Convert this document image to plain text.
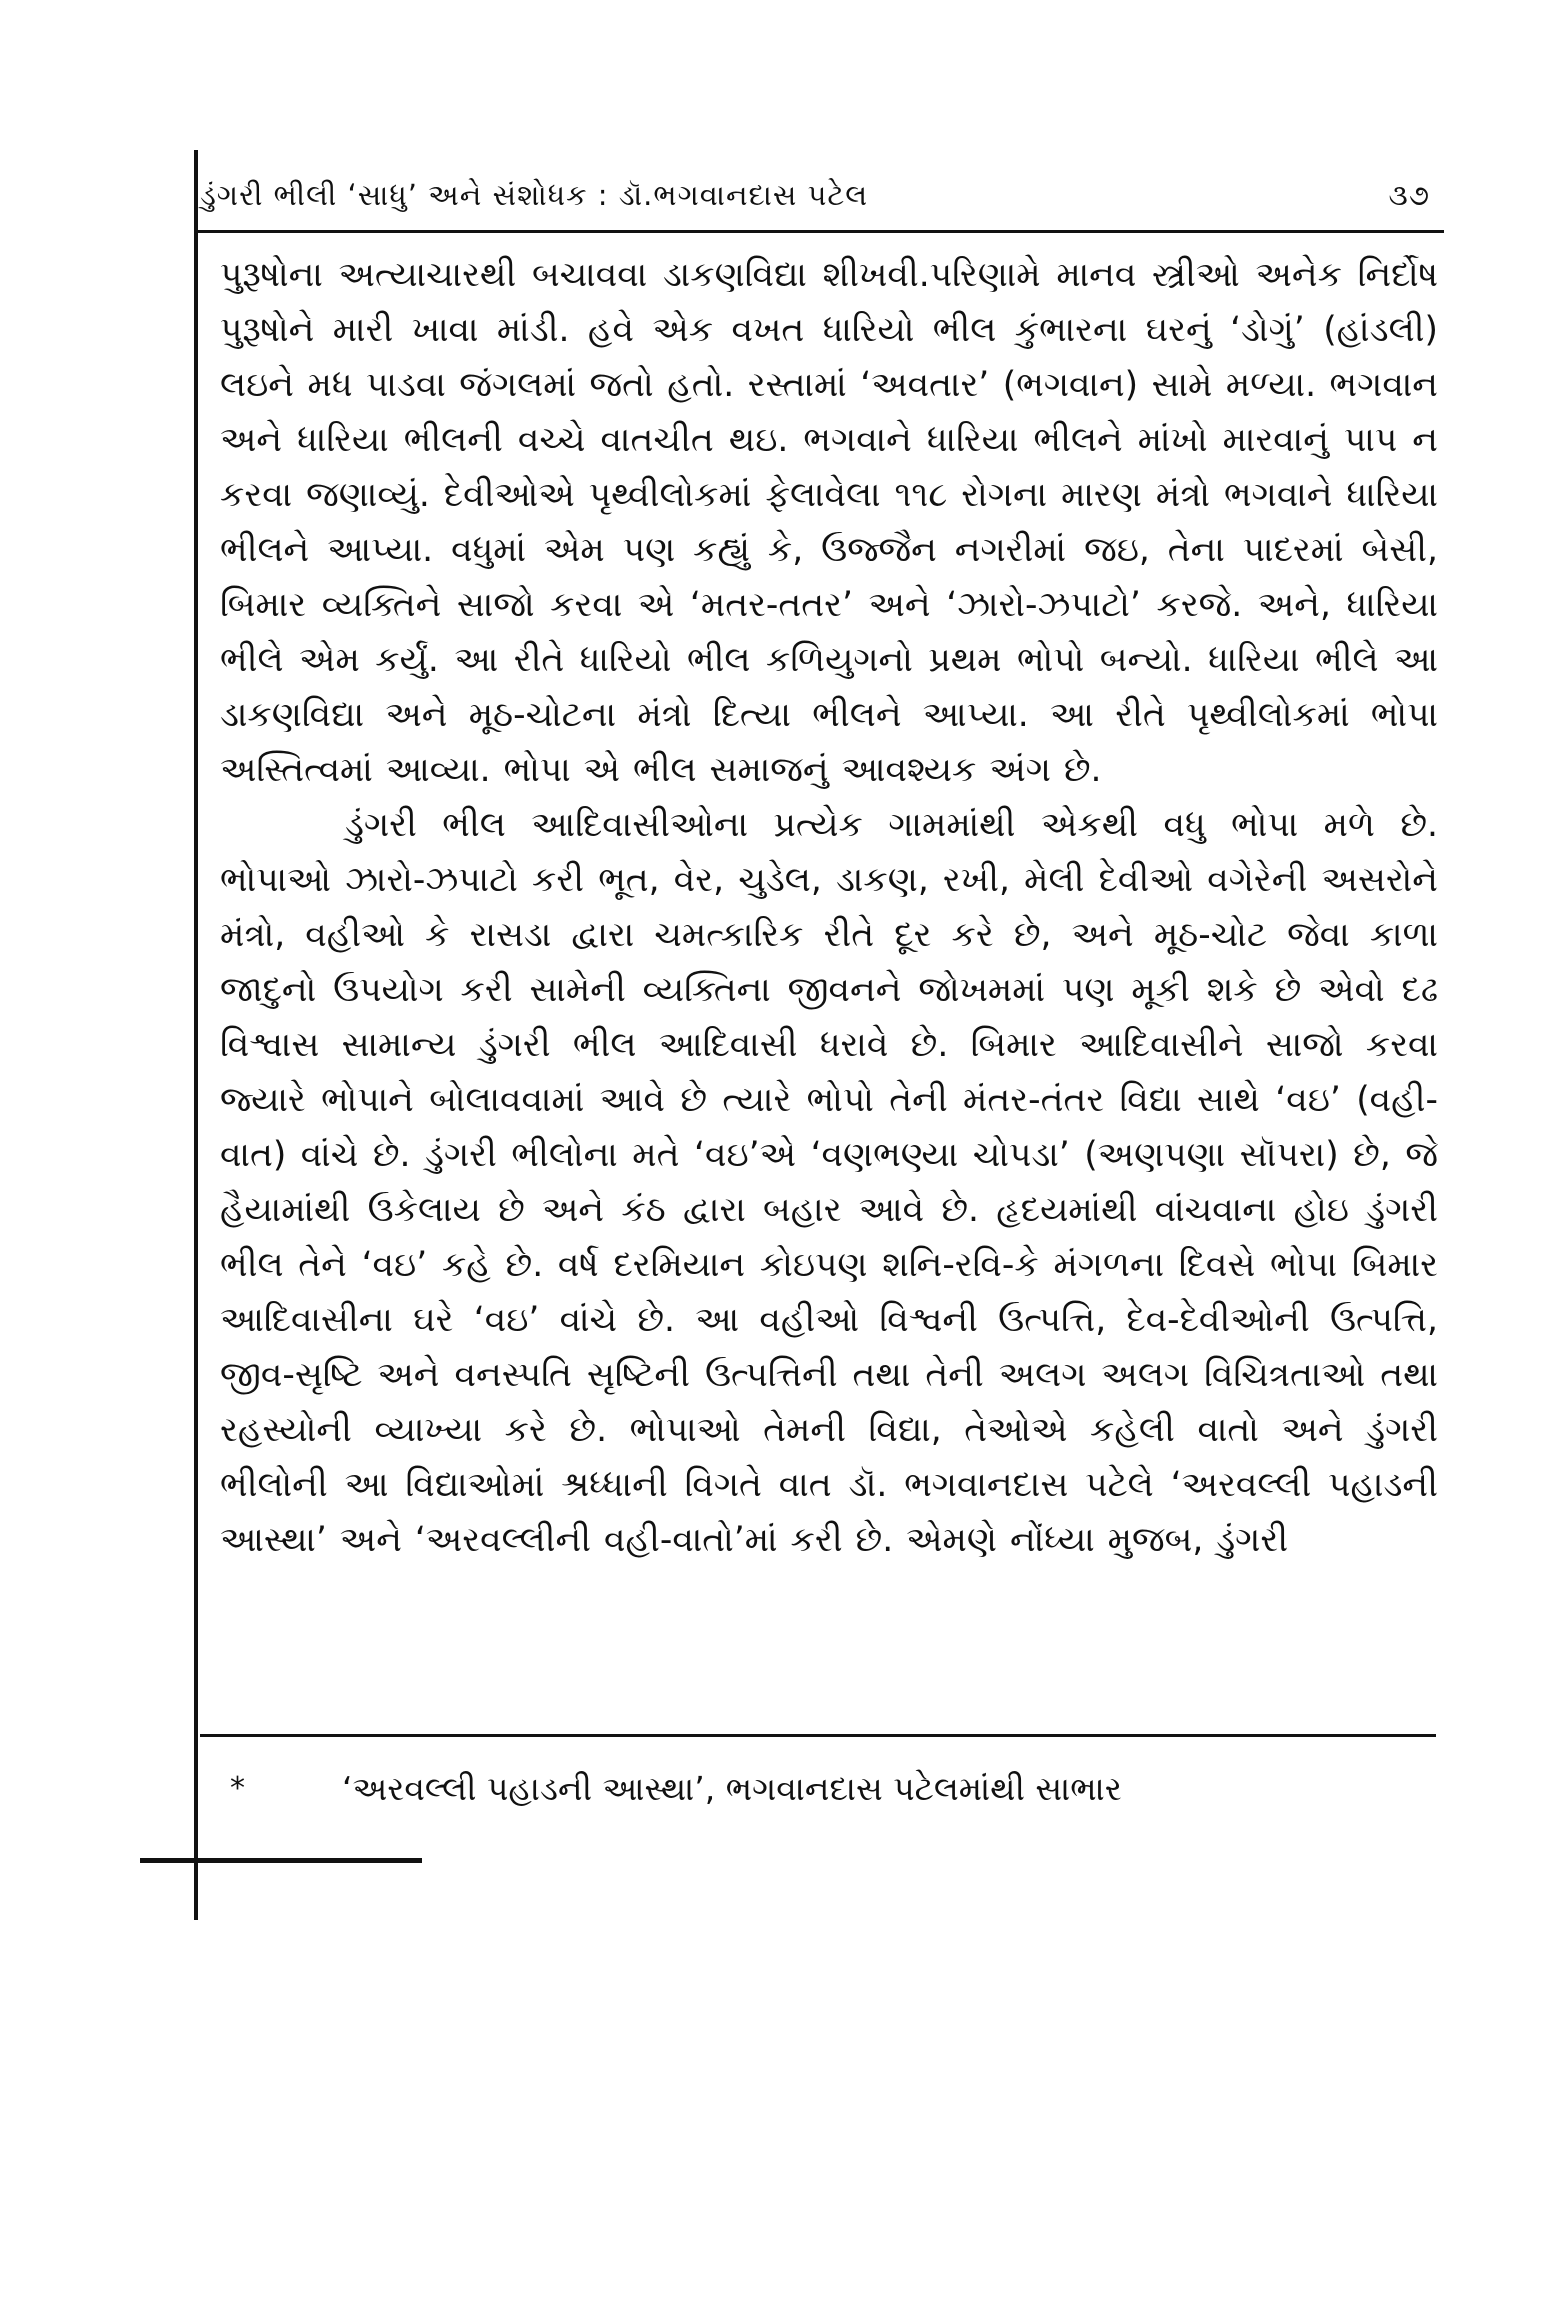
ડુંગરી ભીલી ‘સાધુ’ અને સંશોધક : ડૉ.ભગવાનદાસ પટેલ	૩૭

પુરૂષોના અત્યાચારથી બચાવવા ડાકણવિદ્યા શીખવી.પરિણામે માનવ સ્ત્રીઓ અનેક નિર્દોષ પુરૂષોને મારી ખાવા માંડી. હવે એક વખત ધારિયો ભીલ કુંભારના ઘરનું ‘ડોગું’ (હાંડલી) લઇને મધ પાડવા જંગલમાં જતો હતો. રસ્તામાં ‘અવતાર’ (ભગવાન) સામે મળ્યા. ભગવાન અને ધારિયા ભીલની વચ્ચે વાતચીત થઇ. ભગવાને ધારિયા ભીલને માંખો મારવાનું પાપ ન કરવા જણાવ્યું. દેવીઓએ પૃથ્વીલોકમાં ફેલાવેલા ૧૧૮ રોગના મારણ મંત્રો ભગવાને ધારિયા ભીલને આપ્યા. વધુમાં એમ પણ કહ્યું કે, ઉજ્જૈન નગરીમાં જઇ, તેના પાદરમાં બેસી, બિમાર વ્યક્તિને સાજો કરવા એ ‘મતર-તતર’ અને ‘ઝારો-ઝપાટો’ કરજે. અને, ધારિયા ભીલે એમ કર્યું. આ રીતે ધારિયો ભીલ કળિયુગનો પ્રથમ ભોપો બન્યો. ધારિયા ભીલે આ ડાકણવિદ્યા અને મૂઠ-ચોટના મંત્રો દિત્યા ભીલને આપ્યા. આ રીતે પૃથ્વીલોકમાં ભોપા અસ્તિત્વમાં આવ્યા. ભોપા એ ભીલ સમાજનું આવશ્યક અંગ છે.

ડુંગરી ભીલ આદિવાસીઓના પ્રત્યેક ગામમાંથી એકથી વધુ ભોપા મળે છે. ભોપાઓ ઝારો-ઝપાટો કરી ભૂત, વેર, ચુડેલ, ડાકણ, રખી, મેલી દેવીઓ વગેરેની અસરોને મંત્રો, વહીઓ કે રાસડા દ્વારા ચમત્કારિક રીતે દૂર કરે છે, અને મૂઠ-ચોટ જેવા કાળા જાદુનો ઉપયોગ કરી સામેની વ્યક્તિના જીવનને જોખમમાં પણ મૂકી શકે છે એવો દઢ વિશ્વાસ સામાન્ય ડુંગરી ભીલ આદિવાસી ધરાવે છે. બિમાર આદિવાસીને સાજો કરવા જ્યારે ભોપાને બોલાવવામાં આવે છે ત્યારે ભોપો તેની મંતર-તંતર વિદ્યા સાથે ‘વઇ’ (વહી-વાત) વાંચે છે. ડુંગરી ભીલોના મતે ‘વઇ’એ ‘વણભણ્યા ચોપડા’ (અણપણા સૉપરા) છે, જે હૈયામાંથી ઉકેલાય છે અને કંઠ દ્વારા બહાર આવે છે. હૃદયમાંથી વાંચવાના હોઇ ડુંગરી ભીલ તેને ‘વઇ’ કહે છે. વર્ષ દરમિયાન કોઇપણ શનિ-રવિ-કે મંગળના દિવસે ભોપા બિમાર આદિવાસીના ઘરે ‘વઇ’ વાંચે છે. આ વહીઓ વિશ્વની ઉત્પત્તિ, દેવ-દેવીઓની ઉત્પત્તિ, જીવ-સૃષ્ટિ અને વનસ્પતિ સૃષ્ટિની ઉત્પત્તિની તથા તેની અલગ અલગ વિચિત્રતાઓ તથા રહસ્યોની વ્યાખ્યા કરે છે. ભોપાઓ તેમની વિદ્યા, તેઓએ કહેલી વાતો અને ડુંગરી ભીલોની આ વિદ્યાઓમાં શ્રધ્ધાની વિગતે વાત ડૉ. ભગવાનદાસ પટેલે ‘અરવલ્લી પહાડની આસ્થા’ અને ‘અરવલ્લીની વહી-વાતો’માં કરી છે. એમણે નોંધ્યા મુજબ, ડુંગરી

*	‘અરવલ્લી પહાડની આસ્થા’, ભગવાનદાસ પટેલમાંથી સાભાર
